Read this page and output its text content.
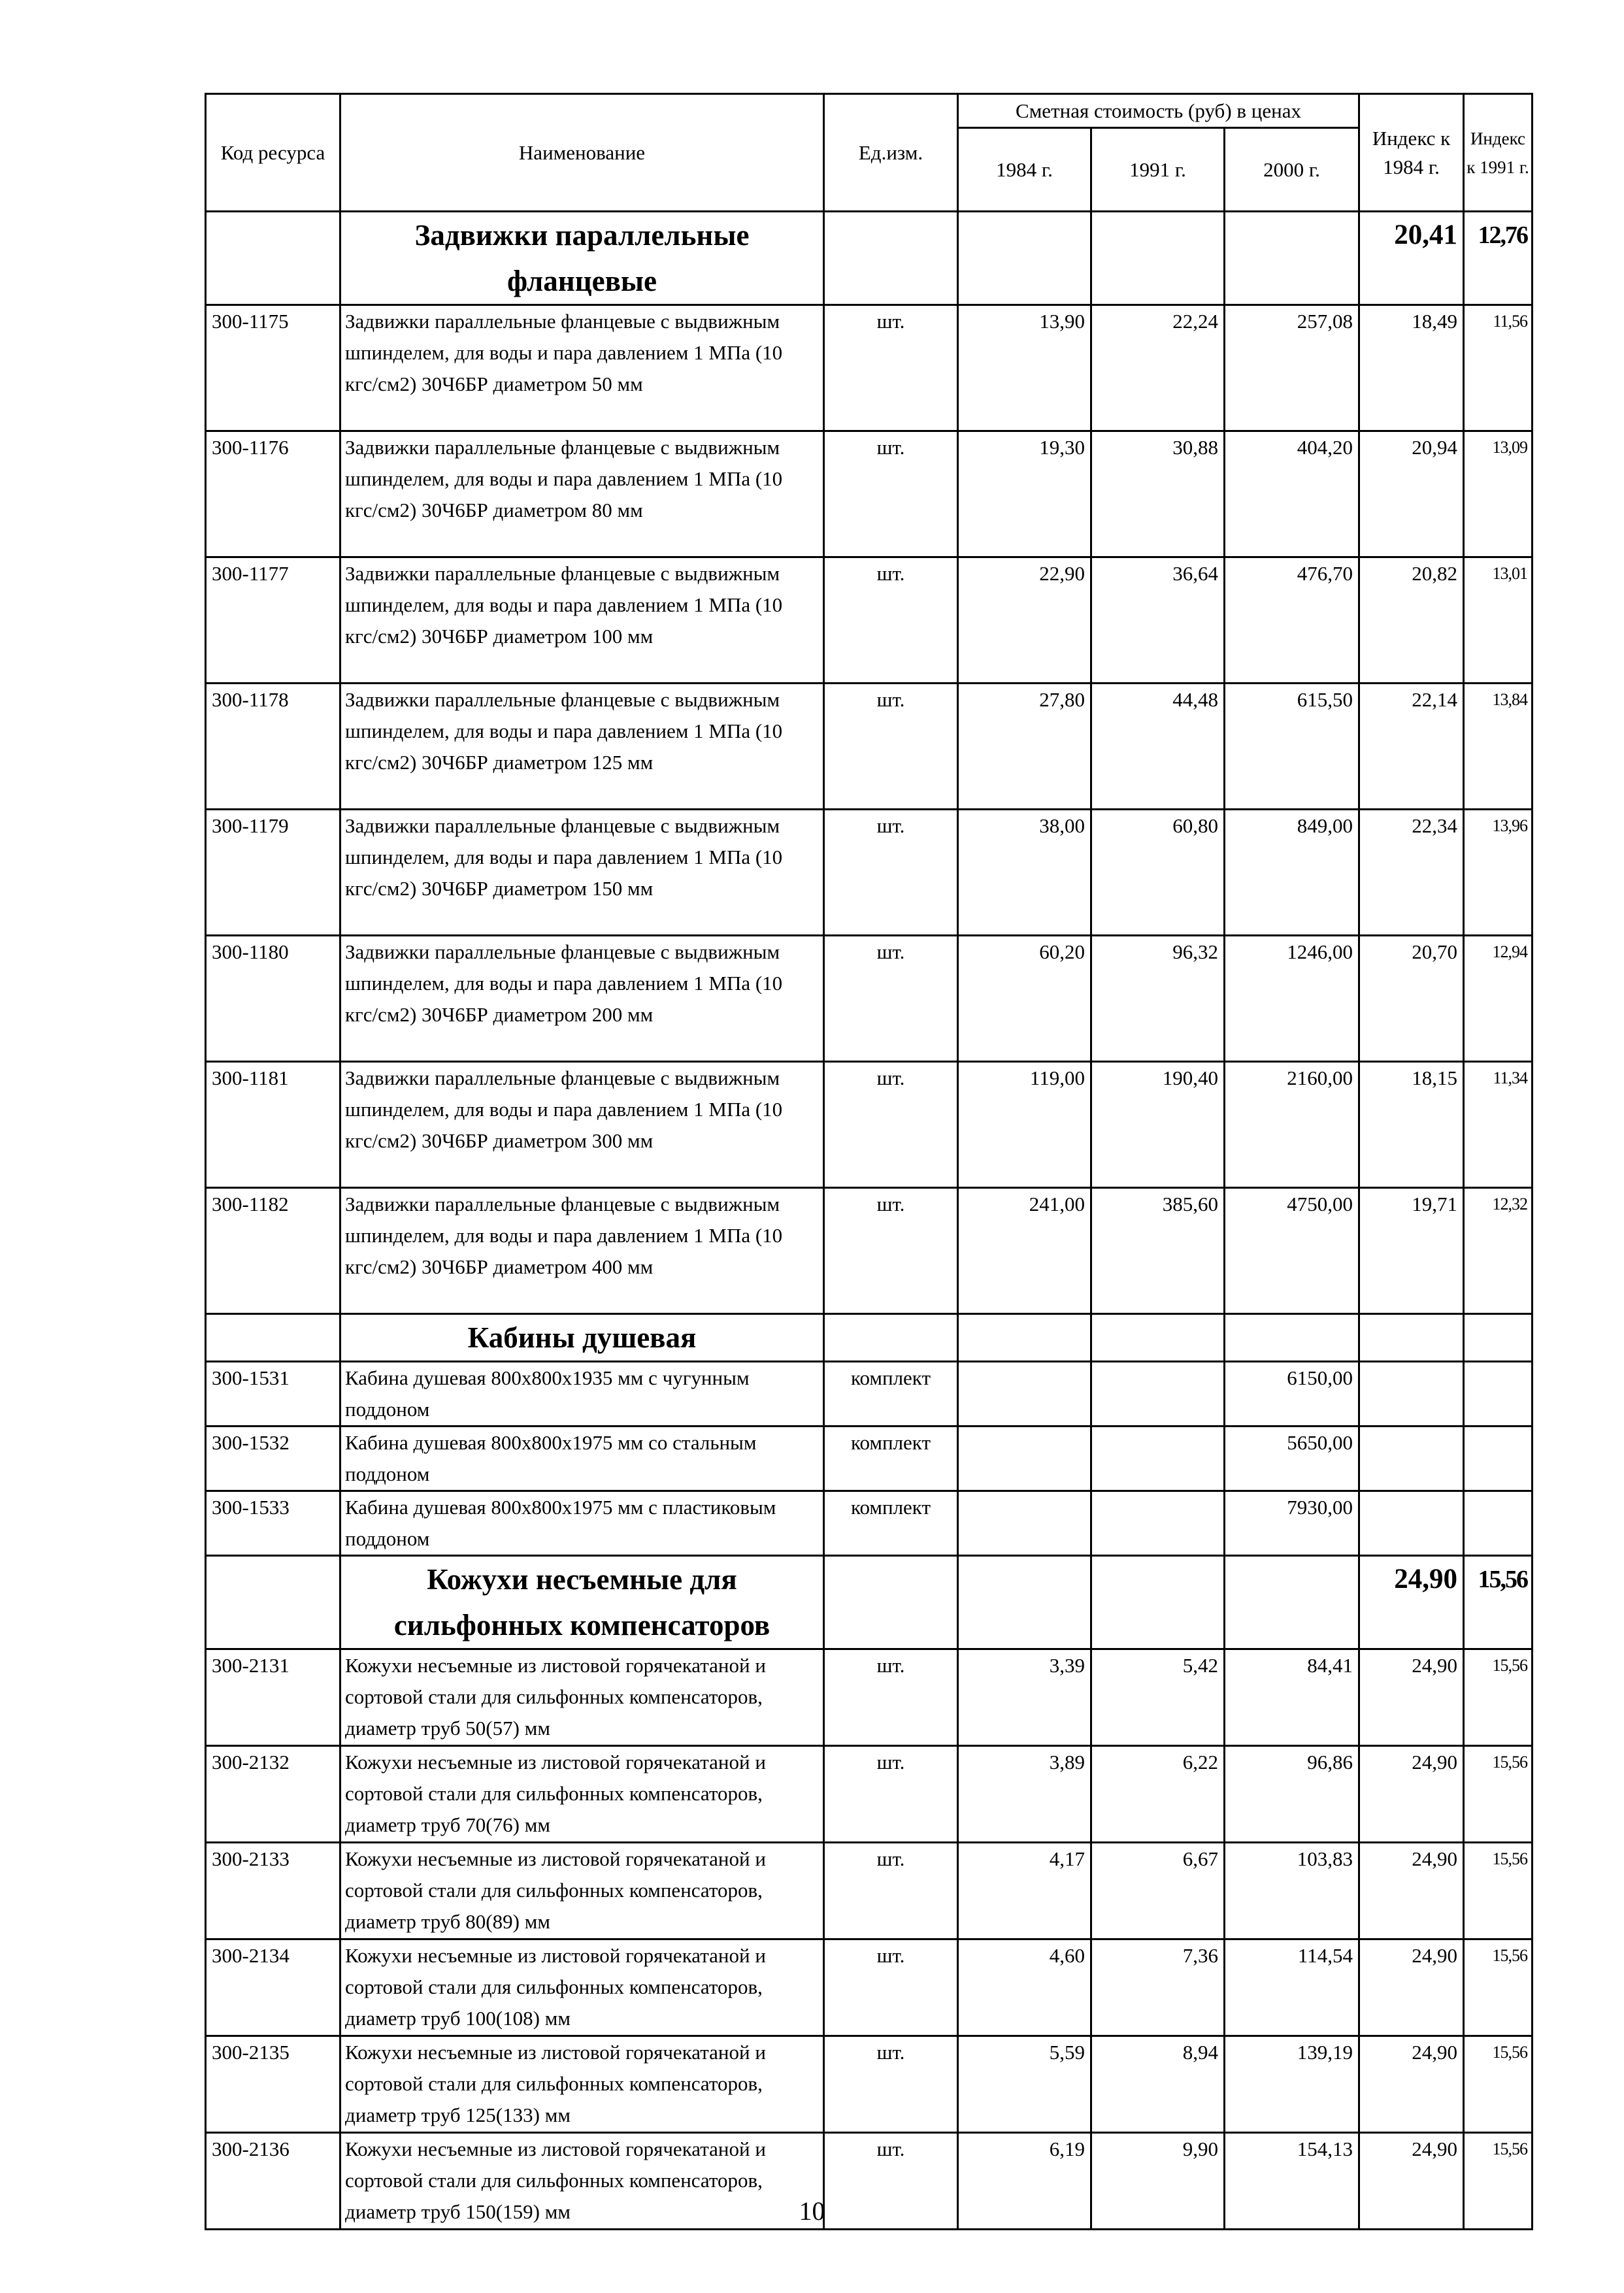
Код ресурса	Наименование	Ед.изм.	Сметная стоимость (руб) в ценах			Индекс к 1984 г.	Индекс к 1991 г.
			1984 г.	1991 г.	2000 г.		
	Задвижки параллельные фланцевые					20,41	12,76
300-1175	Задвижки параллельные фланцевые с выдвижным шпинделем, для воды и пара давлением 1 МПа (10 кгс/см2) 30Ч6БР диаметром 50 мм	шт.	13,90	22,24	257,08	18,49	11,56
300-1176	Задвижки параллельные фланцевые с выдвижным шпинделем, для воды и пара давлением 1 МПа (10 кгс/см2) 30Ч6БР диаметром 80 мм	шт.	19,30	30,88	404,20	20,94	13,09
300-1177	Задвижки параллельные фланцевые с выдвижным шпинделем, для воды и пара давлением 1 МПа (10 кгс/см2) 30Ч6БР диаметром 100 мм	шт.	22,90	36,64	476,70	20,82	13,01
300-1178	Задвижки параллельные фланцевые с выдвижным шпинделем, для воды и пара давлением 1 МПа (10 кгс/см2) 30Ч6БР диаметром 125 мм	шт.	27,80	44,48	615,50	22,14	13,84
300-1179	Задвижки параллельные фланцевые с выдвижным шпинделем, для воды и пара давлением 1 МПа (10 кгс/см2) 30Ч6БР диаметром 150 мм	шт.	38,00	60,80	849,00	22,34	13,96
300-1180	Задвижки параллельные фланцевые с выдвижным шпинделем, для воды и пара давлением 1 МПа (10 кгс/см2) 30Ч6БР диаметром 200 мм	шт.	60,20	96,32	1246,00	20,70	12,94
300-1181	Задвижки параллельные фланцевые с выдвижным шпинделем, для воды и пара давлением 1 МПа (10 кгс/см2) 30Ч6БР диаметром 300 мм	шт.	119,00	190,40	2160,00	18,15	11,34
300-1182	Задвижки параллельные фланцевые с выдвижным шпинделем, для воды и пара давлением 1 МПа (10 кгс/см2) 30Ч6БР диаметром 400 мм	шт.	241,00	385,60	4750,00	19,71	12,32
	Кабины душевая						
300-1531	Кабина душевая 800х800х1935 мм с чугунным поддоном	комплект			6150,00		
300-1532	Кабина душевая 800х800х1975 мм со стальным поддоном	комплект			5650,00		
300-1533	Кабина душевая 800х800х1975 мм с пластиковым поддоном	комплект			7930,00		
	Кожухи несъемные для сильфонных компенсаторов					24,90	15,56
300-2131	Кожухи несъемные из листовой горячекатаной и сортовой стали для сильфонных компенсаторов, диаметр труб 50(57) мм	шт.	3,39	5,42	84,41	24,90	15,56
300-2132	Кожухи несъемные из листовой горячекатаной и сортовой стали для сильфонных компенсаторов, диаметр труб 70(76) мм	шт.	3,89	6,22	96,86	24,90	15,56
300-2133	Кожухи несъемные из листовой горячекатаной и сортовой стали для сильфонных компенсаторов, диаметр труб 80(89) мм	шт.	4,17	6,67	103,83	24,90	15,56
300-2134	Кожухи несъемные из листовой горячекатаной и сортовой стали для сильфонных компенсаторов, диаметр труб 100(108) мм	шт.	4,60	7,36	114,54	24,90	15,56
300-2135	Кожухи несъемные из листовой горячекатаной и сортовой стали для сильфонных компенсаторов, диаметр труб 125(133) мм	шт.	5,59	8,94	139,19	24,90	15,56
300-2136	Кожухи несъемные из листовой горячекатаной и сортовой стали для сильфонных компенсаторов, диаметр труб 150(159) мм	шт.	6,19	9,90	154,13	24,90	15,56
10
